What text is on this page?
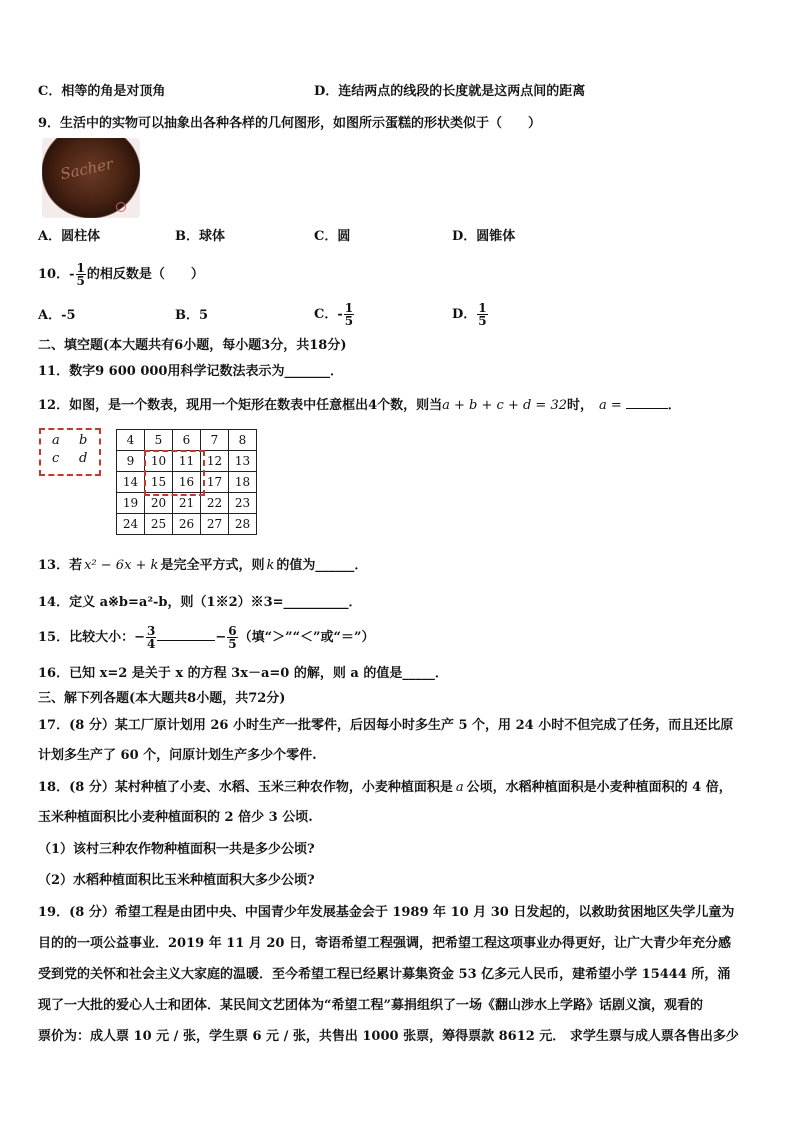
C．相等的角是对顶角	D．连结两点的线段的长度就是这两点间的距离
9．生活中的实物可以抽象出各种各样的几何图形，如图所示蛋糕的形状类似于（　　）
Sacher
A．圆柱体	B．球体	C．圆	D．圆锥体
10．- $\frac{1}{5}$ 的相反数是（　　）
A．-5	B．5	C．- $\frac{1}{5}$	D． $\frac{1}{5}$
二、填空题(本大题共有6小题，每小题3分，共18分)
11．数字9 600 000用科学记数法表示为_______．
12．如图，是一个数表，现用一个矩形在数表中任意框出4个数，则当a + b + c + d = 32时， a =	．
a b
c d
4	5	6	7	8
9	10	11	12	13
14	15	16	17	18
19	20	21	22	23
24	25	26	27	28
13．若 x² − 6x + k 是完全平方式，则 k 的值为______．
14．定义 a※b=a²-b，则（1※2）※3=__________．
15．比较大小：− $\frac{3}{4}$	− $\frac{6}{5}$ （填“＞”“＜”或“＝”）
16．已知 x=2 是关于 x 的方程 3x－a=0 的解，则 a 的值是_____．
三、解下列各题(本大题共8小题，共72分)
17．(8 分）某工厂原计划用 26 小时生产一批零件，后因每小时多生产 5 个，用 24 小时不但完成了任务，而且还比原
计划多生产了 60 个，问原计划生产多少个零件.
18．(8 分）某村种植了小麦、水稻、玉米三种农作物，小麦种植面积是 a 公顷，水稻种植面积是小麦种植面积的 4 倍，
玉米种植面积比小麦种植面积的 2 倍少 3 公顷.
（1）该村三种农作物种植面积一共是多少公顷?
（2）水稻种植面积比玉米种植面积大多少公顷?
19．(8 分）希望工程是由团中央、中国青少年发展基金会于 1989 年 10 月 30 日发起的，以救助贫困地区失学儿童为
目的的一项公益事业．2019 年 11 月 20 日，寄语希望工程强调，把希望工程这项事业办得更好，让广大青少年充分感
受到党的关怀和社会主义大家庭的温暖．至今希望工程已经累计募集资金 53 亿多元人民币，建希望小学 15444 所，涌
现了一大批的爱心人士和团体．某民间文艺团体为“希望工程”募捐组织了一场《翻山涉水上学路》话剧义演，观看的
票价为：成人票 10 元 / 张，学生票 6 元 / 张，共售出 1000 张票，筹得票款 8612 元． 求学生票与成人票各售出多少
